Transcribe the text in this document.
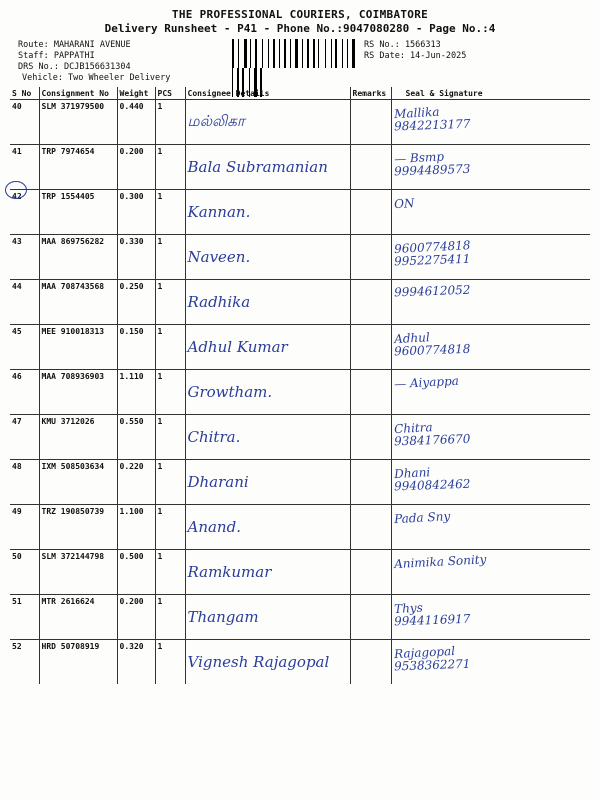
THE PROFESSIONAL COURIERS, COIMBATORE
Delivery Runsheet - P41 - Phone No.:9047080280 - Page No.:4
Route: MAHARANI AVENUE
Staff: PAPPATHI
DRS No.: DCJB156631304
Vehicle: Two Wheeler Delivery
RS No.: 1566313
RS Date: 14-Jun-2025
S No	Consignment No	Weight	PCS	Consignee Details	Remarks	Seal & Signature
40	SLM 371979500	0.440	1	மல்லிகா		Mallika
9842213177

41	TRP 7974654	0.200	1	Bala Subramanian		— Bsmp
9994489573

42	TRP 1554405	0.300	1	Kannan.		ON

43	MAA 869756282	0.330	1	Naveen.		9600774818
9952275411

44	MAA 708743568	0.250	1	Radhika		9994612052

45	MEE 910018313	0.150	1	Adhul Kumar		Adhul
9600774818

46	MAA 708936903	1.110	1	Growtham.		— Aiyappa

47	KMU 3712026	0.550	1	Chitra.		Chitra
9384176670

48	IXM 508503634	0.220	1	Dharani		Dhani
9940842462

49	TRZ 190850739	1.100	1	Anand.		Pada Sny

50	SLM 372144798	0.500	1	Ramkumar		Animika Sonity

51	MTR 2616624	0.200	1	Thangam		Thys
9944116917

52	HRD 50708919	0.320	1	Vignesh Rajagopal		Rajagopal
9538362271
